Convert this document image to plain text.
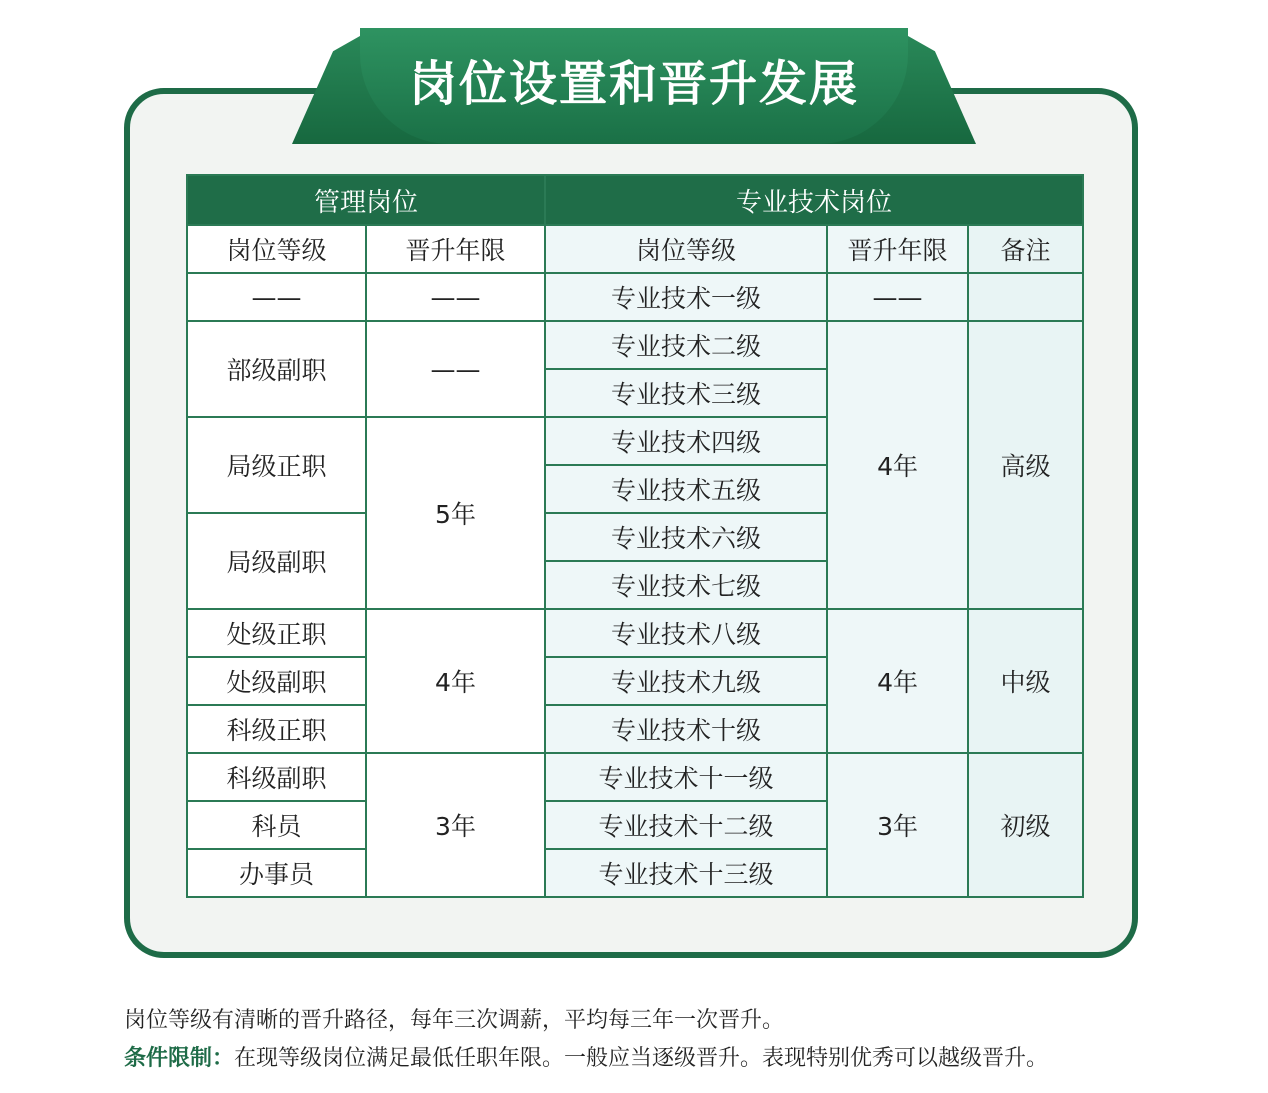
岗位设置和晋升发展
管理岗位		专业技术岗位		
岗位等级	晋升年限	岗位等级	晋升年限	备注
——	——	专业技术一级	——	
部级副职	——	专业技术二级	4年	高级
		专业技术三级		
局级正职	5年	专业技术四级		
		专业技术五级		
局级副职		专业技术六级		
		专业技术七级		
处级正职	4年	专业技术八级	4年	中级
处级副职		专业技术九级		
科级正职		专业技术十级		
科级副职	3年	专业技术十一级	3年	初级
科员		专业技术十二级		
办事员		专业技术十三级		
岗位等级有清晰的晋升路径，每年三次调薪，平均每三年一次晋升。
条件限制：在现等级岗位满足最低任职年限。一般应当逐级晋升。表现特别优秀可以越级晋升。
